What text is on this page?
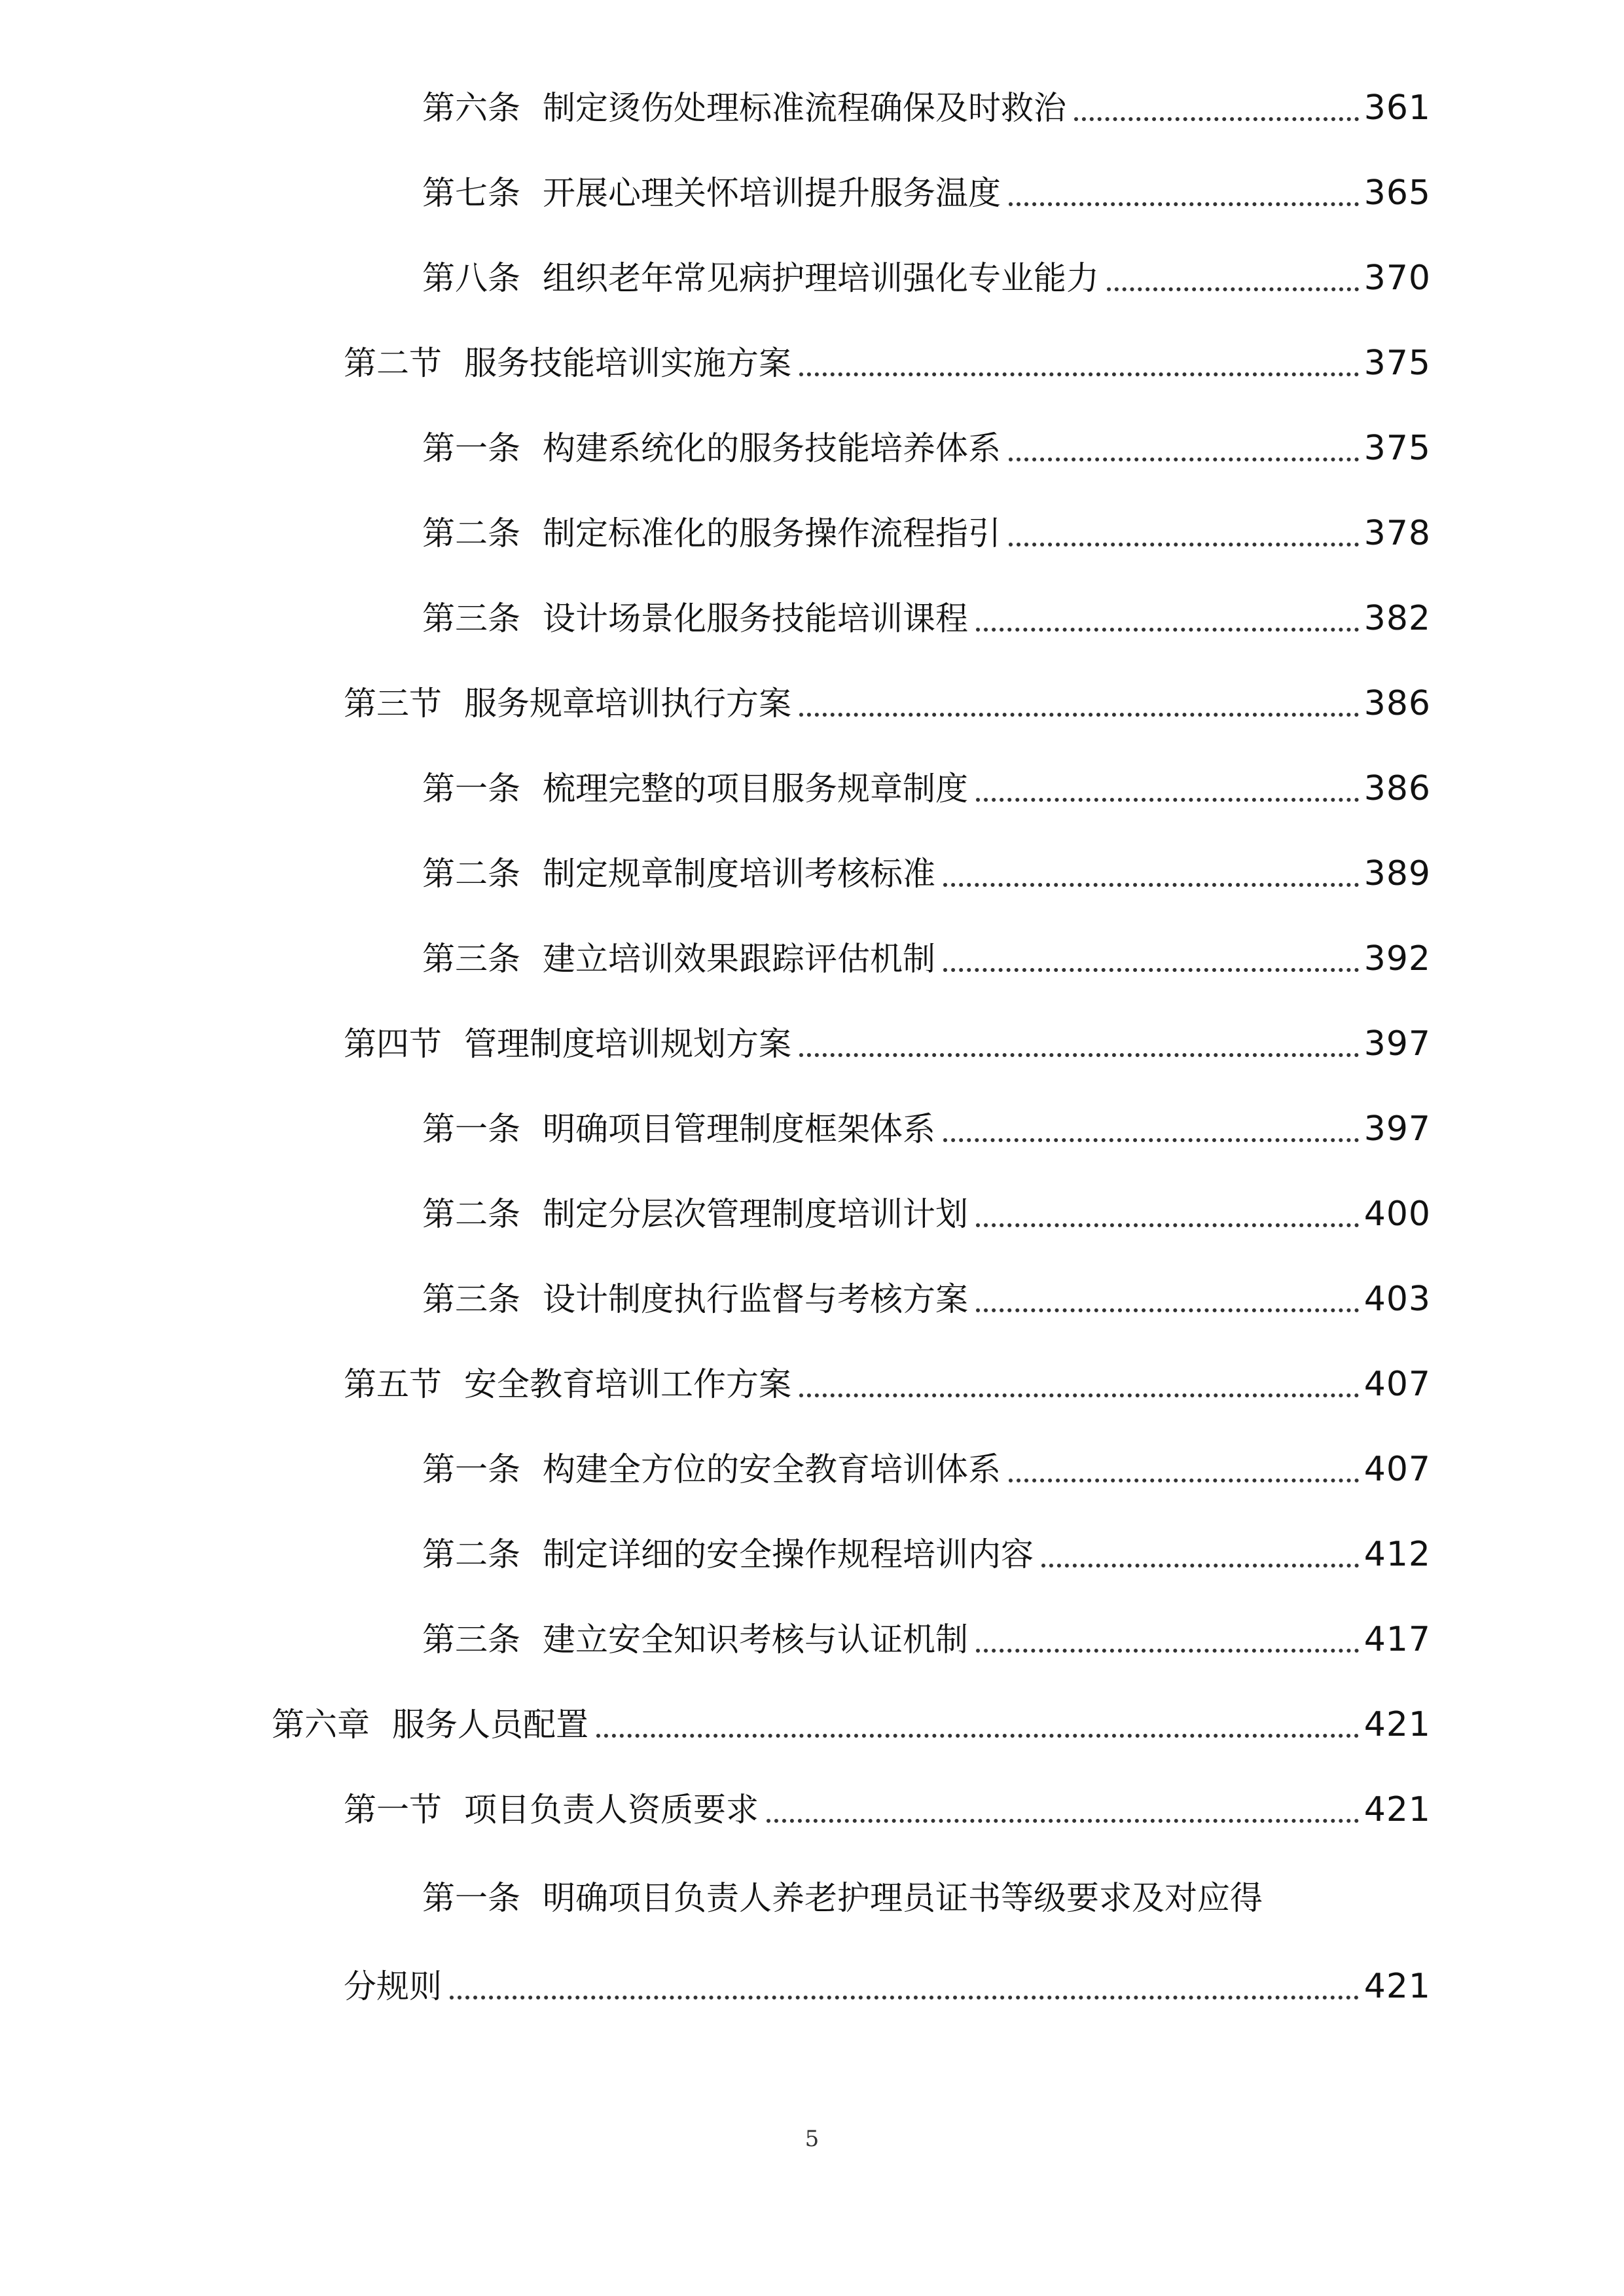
第六条 制定烫伤处理标准流程确保及时救治	361
第七条 开展心理关怀培训提升服务温度	365
第八条 组织老年常见病护理培训强化专业能力	370
第二节 服务技能培训实施方案	375
第一条 构建系统化的服务技能培养体系	375
第二条 制定标准化的服务操作流程指引	378
第三条 设计场景化服务技能培训课程	382
第三节 服务规章培训执行方案	386
第一条 梳理完整的项目服务规章制度	386
第二条 制定规章制度培训考核标准	389
第三条 建立培训效果跟踪评估机制	392
第四节 管理制度培训规划方案	397
第一条 明确项目管理制度框架体系	397
第二条 制定分层次管理制度培训计划	400
第三条 设计制度执行监督与考核方案	403
第五节 安全教育培训工作方案	407
第一条 构建全方位的安全教育培训体系	407
第二条 制定详细的安全操作规程培训内容	412
第三条 建立安全知识考核与认证机制	417
第六章 服务人员配置	421
第一节 项目负责人资质要求	421
第一条 明确项目负责人养老护理员证书等级要求及对应得
分规则	421
5
